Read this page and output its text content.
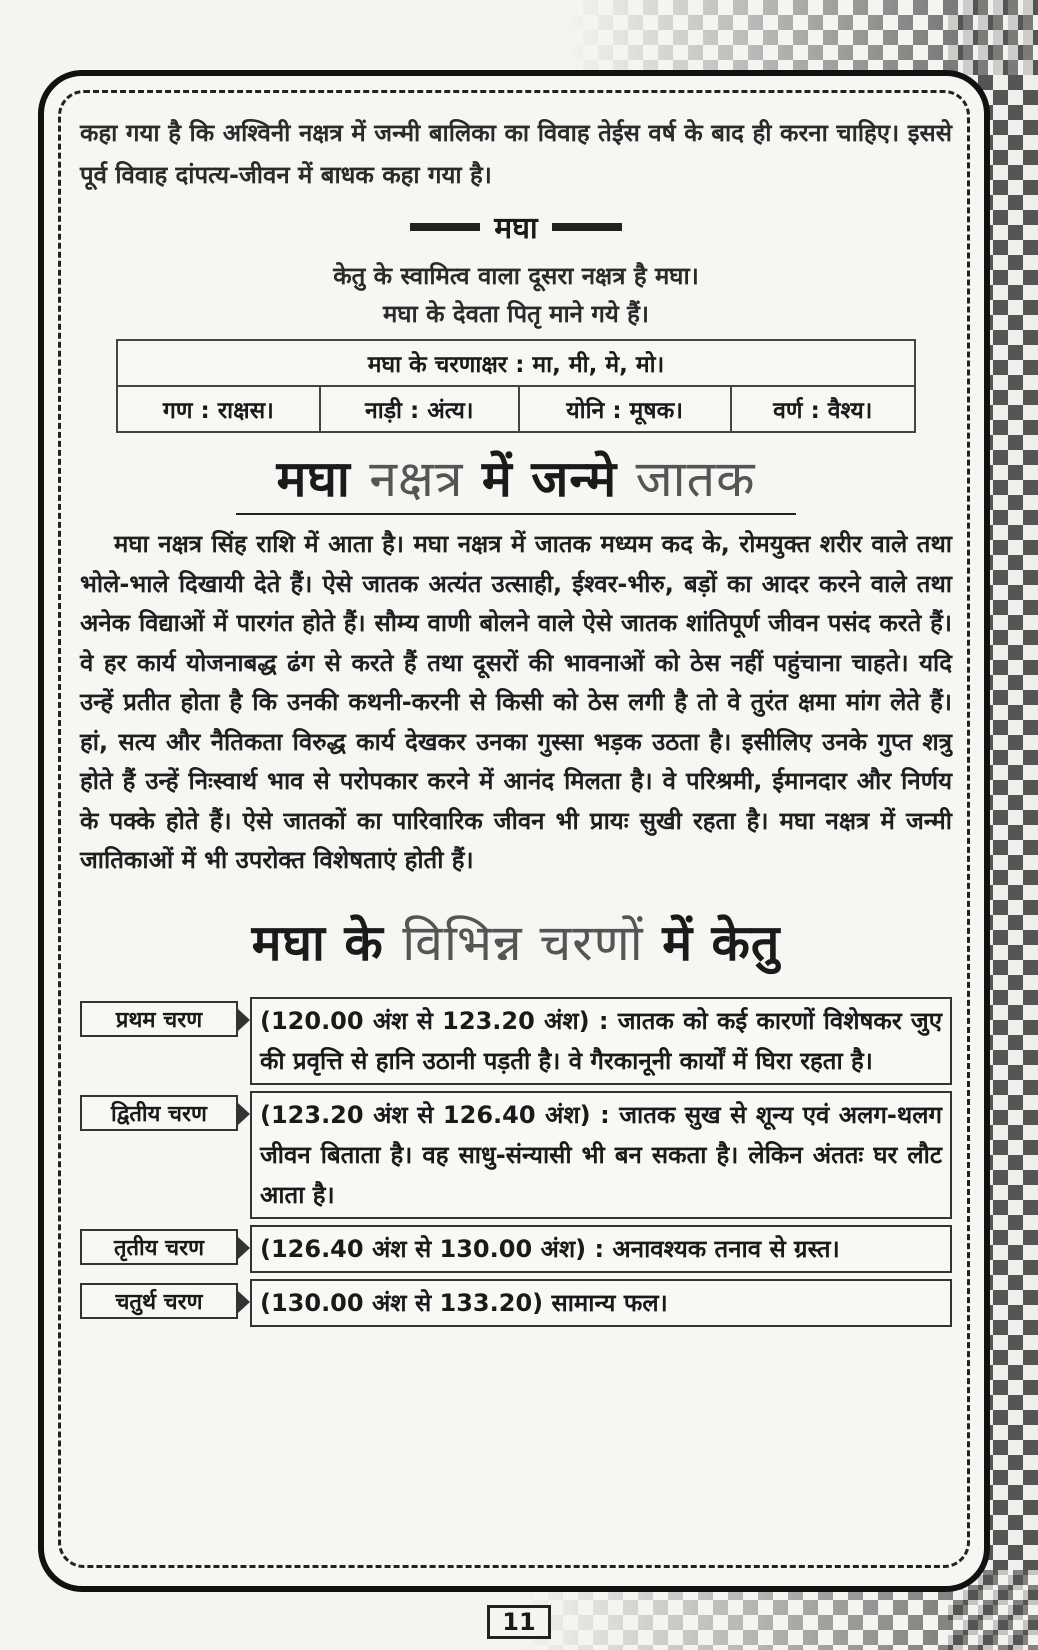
कहा गया है कि अश्विनी नक्षत्र में जन्मी बालिका का विवाह तेईस वर्ष के बाद ही करना चाहिए। इससे पूर्व विवाह दांपत्य-जीवन में बाधक कहा गया है।

मघा
केतु के स्वामित्व वाला दूसरा नक्षत्र है मघा।
मघा के देवता पितृ माने गये हैं।
मघा के चरणाक्षर : मा, मी, मे, मो।
गण : राक्षस।	नाड़ी : अंत्य।	योनि : मूषक।	वर्ण : वैश्य।
मघा नक्षत्र में जन्मे जातक

मघा नक्षत्र सिंह राशि में आता है। मघा नक्षत्र में जातक मध्यम कद के, रोमयुक्त शरीर वाले तथा भोले-भाले दिखायी देते हैं। ऐसे जातक अत्यंत उत्साही, ईश्वर-भीरु, बड़ों का आदर करने वाले तथा अनेक विद्याओं में पारगंत होते हैं। सौम्य वाणी बोलने वाले ऐसे जातक शांतिपूर्ण जीवन पसंद करते हैं। वे हर कार्य योजनाबद्ध ढंग से करते हैं तथा दूसरों की भावनाओं को ठेस नहीं पहुंचाना चाहते। यदि उन्हें प्रतीत होता है कि उनकी कथनी-करनी से किसी को ठेस लगी है तो वे तुरंत क्षमा मांग लेते हैं। हां, सत्य और नैतिकता विरुद्ध कार्य देखकर उनका गुस्सा भड़क उठता है। इसीलिए उनके गुप्त शत्रु होते हैं उन्हें निःस्वार्थ भाव से परोपकार करने में आनंद मिलता है। वे परिश्रमी, ईमानदार और निर्णय के पक्के होते हैं। ऐसे जातकों का पारिवारिक जीवन भी प्रायः सुखी रहता है। मघा नक्षत्र में जन्मी जातिकाओं में भी उपरोक्त विशेषताएं होती हैं।

मघा के विभिन्न चरणों में केतु
प्रथम चरण	(120.00 अंश से 123.20 अंश) : जातक को कई कारणों विशेषकर जुए की प्रवृत्ति से हानि उठानी पड़ती है। वे गैरकानूनी कार्यों में घिरा रहता है।
द्वितीय चरण	(123.20 अंश से 126.40 अंश) : जातक सुख से शून्य एवं अलग-थलग जीवन बिताता है। वह साधु-संन्यासी भी बन सकता है। लेकिन अंततः घर लौट आता है।
तृतीय चरण	(126.40 अंश से 130.00 अंश) : अनावश्यक तनाव से ग्रस्त।
चतुर्थ चरण	(130.00 अंश से 133.20) सामान्य फल।
11
